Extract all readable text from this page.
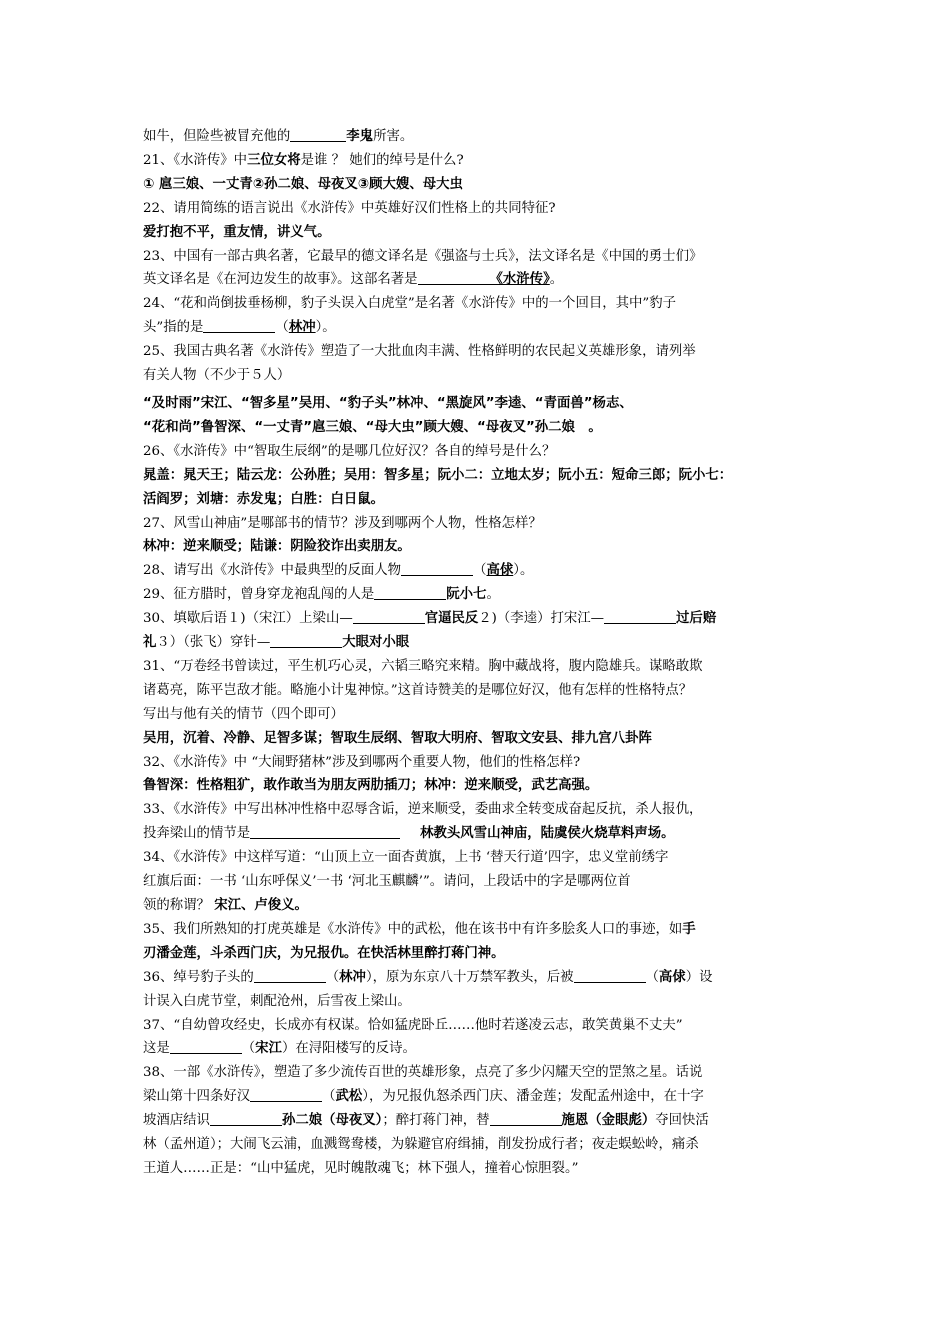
如牛，但险些被冒充他的	李鬼所害。

21、《水浒传》中三位女将是谁 ？ 她们的绰号是什么?

① 扈三娘、一丈青②孙二娘、母夜叉③顾大嫂、母大虫

22、请用简练的语言说出《水浒传》中英雄好汉们性格上的共同特征?

爱打抱不平，重友情，讲义气。

23、中国有一部古典名著，它最早的德文译名是《强盗与士兵》，法文译名是《中国的勇士们》

英文译名是《在河边发生的故事》。这部名著是	《水浒传》。

24、“花和尚倒拔垂杨柳，豹子头误入白虎堂”是名著《水浒传》中的一个回目，其中”豹子

头”指的是	（林冲）。

25、我国古典名著《水浒传》塑造了一大批血肉丰满、性格鲜明的农民起义英雄形象，请列举

有关人物（不少于５人）

“及时雨”宋江、“智多星”吴用、“豹子头”林冲、“黑旋风”李逵、“青面兽”杨志、

“花和尚”鲁智深、“一丈青”扈三娘、“母大虫”顾大嫂、“母夜叉”孙二娘　。

26、《水浒传》中“智取生辰纲”的是哪几位好汉？各自的绰号是什么？

晁盖：晁天王；陆云龙：公孙胜；吴用：智多星；阮小二：立地太岁；阮小五：短命三郎；阮小七：

活阎罗；刘塘：赤发鬼；白胜：白日鼠。

27、风雪山神庙”是哪部书的情节？涉及到哪两个人物，性格怎样？

林冲：逆来顺受；陆谦：阴险狡诈出卖朋友。

28、请写出《水浒传》中最典型的反面人物	（高俅）。

29、征方腊时，曾身穿龙袍乱闯的人是	阮小七。

30、填歇后语１)（宋江）上梁山—	官逼民反２)（李逵）打宋江—	过后赔

礼３）（张飞）穿针—	大眼对小眼

31、“万卷经书曾读过，平生机巧心灵，六韬三略究来精。胸中藏战将，腹内隐雄兵。谋略敢欺

诸葛亮，陈平岂敌才能。略施小计鬼神惊。”这首诗赞美的是哪位好汉，他有怎样的性格特点？

写出与他有关的情节（四个即可）

吴用，沉着、冷静、足智多谋；智取生辰纲、智取大明府、智取文安县、排九宫八卦阵

32、《水浒传》中 “大闹野猪林”涉及到哪两个重要人物，他们的性格怎样?

鲁智深：性格粗犷，敢作敢当为朋友两肋插刀；林冲：逆来顺受，武艺高强。

33、《水浒传》中写出林冲性格中忍辱含诟，逆来顺受，委曲求全转变成奋起反抗，杀人报仇，

投奔梁山的情节是	林教头风雪山神庙，陆虞侯火烧草料声场。

34、《水浒传》中这样写道：“山顶上立一面杏黄旗，上书 ‘替天行道’四字，忠义堂前绣字

红旗后面：一书 ‘山东呼保义’一书 ‘河北玉麒麟’”。请问，上段话中的字是哪两位首

领的称谓？ 宋江、卢俊义。

35、我们所熟知的打虎英雄是《水浒传》中的武松，他在该书中有许多脍炙人口的事迹，如手

刃潘金莲，斗杀西门庆，为兄报仇。在快活林里醉打蒋门神。

36、绰号豹子头的	（林冲），原为东京八十万禁军教头，后被	（高俅）设

计误入白虎节堂，刺配沧州，后雪夜上梁山。

37、“自幼曾攻经史，长成亦有权谋。恰如猛虎卧丘……他时若遂凌云志，敢笑黄巢不丈夫”

这是	（宋江）在浔阳楼写的反诗。

38、一部《水浒传》，塑造了多少流传百世的英雄形象，点亮了多少闪耀天空的罡煞之星。话说

梁山第十四条好汉	（武松），为兄报仇怒杀西门庆、潘金莲；发配孟州途中，在十字

坡酒店结识	孙二娘（母夜叉）；醉打蒋门神，替	施恩（金眼彪）夺回快活

林（孟州道）；大闹飞云浦，血溅鸳鸯楼，为躲避官府缉捕，削发扮成行者；夜走蜈蚣岭，痛杀

王道人……正是：“山中猛虎，见时魄散魂飞；林下强人，撞着心惊胆裂。”
